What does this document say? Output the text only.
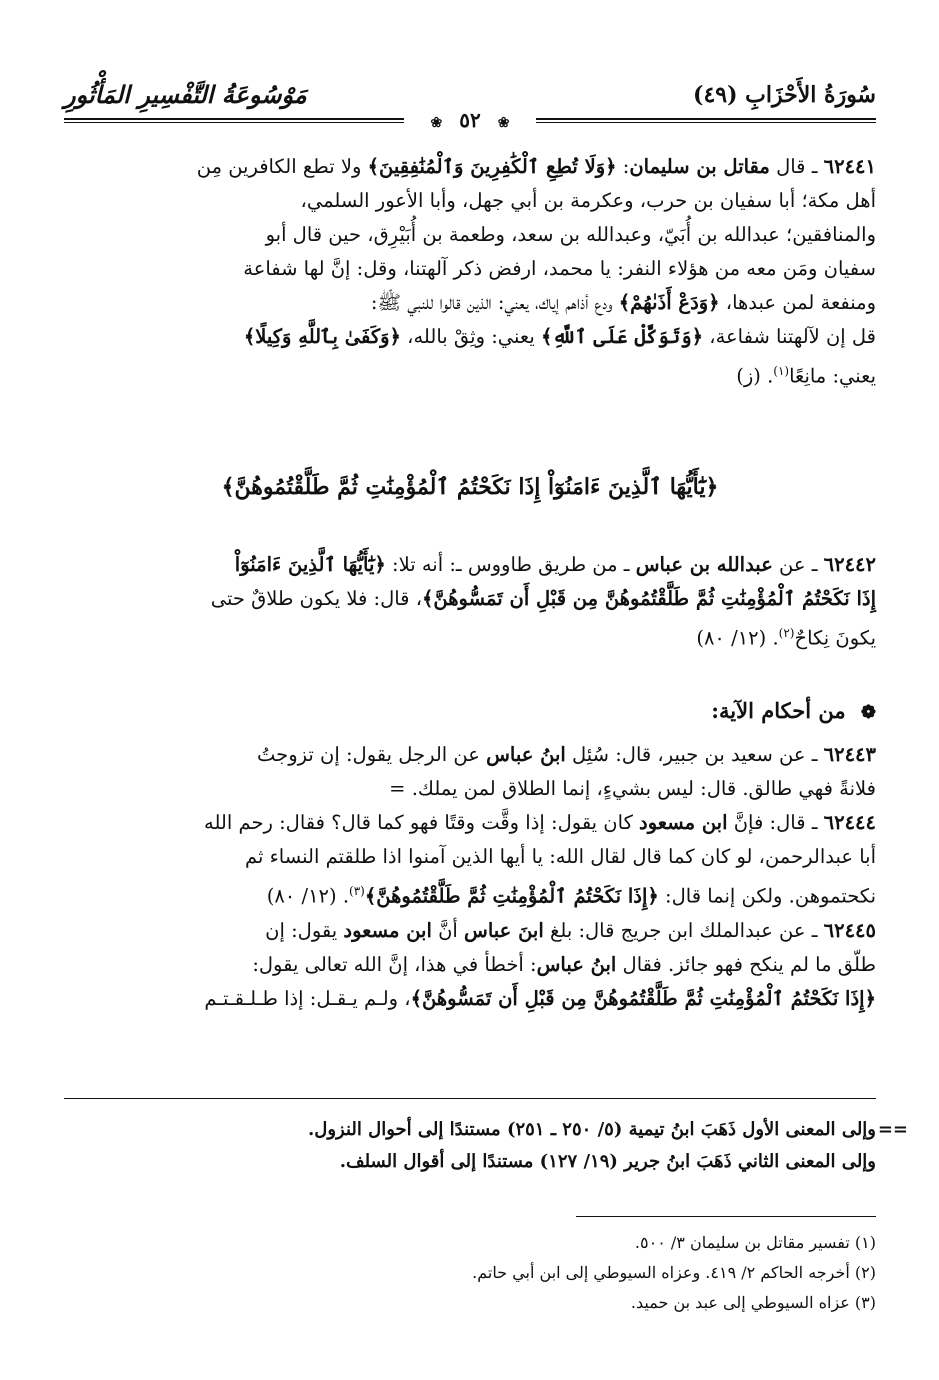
سُورَةُ الأَحْزَابِ (٤٩)
مَوْسُوعَةُ التَّفْسِيرِ المَأْثُورِ
❀ ٥٢ ❀

٦٢٤٤١ ـ قال مقاتل بن سليمان: ﴿وَلَا تُطِعِ ٱلْكَٰفِرِينَ وَٱلْمُنَٰفِقِينَ﴾ ولا تطع الكافرين مِن

أهل مكة؛ أبا سفيان بن حرب، وعكرمة بن أبي جهل، وأبا الأعور السلمي،

والمنافقين؛ عبدالله بن أُبَيّ، وعبدالله بن سعد، وطعمة بن أُبَيْرِق، حين قال أبو

سفيان ومَن معه من هؤلاء النفر: يا محمد، ارفض ذكر آلهتنا، وقل: إنَّ لها شفاعة

ومنفعة لمن عبدها، ﴿وَدَعْ أَذَىٰهُمْ﴾ ودع أذاهم إياك، يعني: الذين قالوا للنبي ﷺ:

قل إن لآلهتنا شفاعة، ﴿وَتَوَكَّلْ عَلَى ٱللَّهِ﴾ يعني: وثِقْ بالله، ﴿وَكَفَىٰ بِٱللَّهِ وَكِيلًا﴾

يعني: مانِعًا$^{(١)}$. (ز)

﴿يَٰٓأَيُّهَا ٱلَّذِينَ ءَامَنُوٓاْ إِذَا نَكَحْتُمُ ٱلْمُؤْمِنَٰتِ ثُمَّ طَلَّقْتُمُوهُنَّ﴾

٦٢٤٤٢ ـ عن عبدالله بن عباس ـ من طريق طاووس ـ: أنه تلا: ﴿يَٰٓأَيُّهَا ٱلَّذِينَ ءَامَنُوٓاْ

إِذَا نَكَحْتُمُ ٱلْمُؤْمِنَٰتِ ثُمَّ طَلَّقْتُمُوهُنَّ مِن قَبْلِ أَن تَمَسُّوهُنَّ﴾، قال: فلا يكون طلاقٌ حتى

يكونَ نِكاحٌ$^{(٢)}$. (١٢/ ٨٠)

❁ من أحكام الآية:

٦٢٤٤٣ ـ عن سعيد بن جبير، قال: سُئِل ابنُ عباس عن الرجل يقول: إن تزوجتُ

فلانةً فهي طالق. قال: ليس بشيءٍ، إنما الطلاق لمن يملك. =

٦٢٤٤٤ ـ قال: فإنَّ ابن مسعود كان يقول: إذا وقَّت وقتًا فهو كما قال؟ فقال: رحم الله

أبا عبدالرحمن، لو كان كما قال لقال الله: يا أيها الذين آمنوا اذا طلقتم النساء ثم

نكحتموهن. ولكن إنما قال: ﴿إِذَا نَكَحْتُمُ ٱلْمُؤْمِنَٰتِ ثُمَّ طَلَّقْتُمُوهُنَّ﴾$^{(٣)}$. (١٢/ ٨٠)

٦٢٤٤٥ ـ عن عبدالملك ابن جريج قال: بلغ ابنَ عباس أنَّ ابن مسعود يقول: إن

طلّق ما لم ينكح فهو جائز. فقال ابنُ عباس: أخطأ في هذا، إنَّ الله تعالى يقول:

﴿إِذَا نَكَحْتُمُ ٱلْمُؤْمِنَٰتِ ثُمَّ طَلَّقْتُمُوهُنَّ مِن قَبْلِ أَن تَمَسُّوهُنَّ﴾، ولـم يـقـل: إذا طـلـقـتـم

==

وإلى المعنى الأول ذَهَبَ ابنُ تيمية (٥/ ٢٥٠ ـ ٢٥١) مستندًا إلى أحوال النزول.

وإلى المعنى الثاني ذَهَبَ ابنُ جرير (١٩/ ١٢٧) مستندًا إلى أقوال السلف.

(١) تفسير مقاتل بن سليمان ٣/ ٥٠٠.

(٢) أخرجه الحاكم ٢/ ٤١٩. وعزاه السيوطي إلى ابن أبي حاتم.

(٣) عزاه السيوطي إلى عبد بن حميد.
